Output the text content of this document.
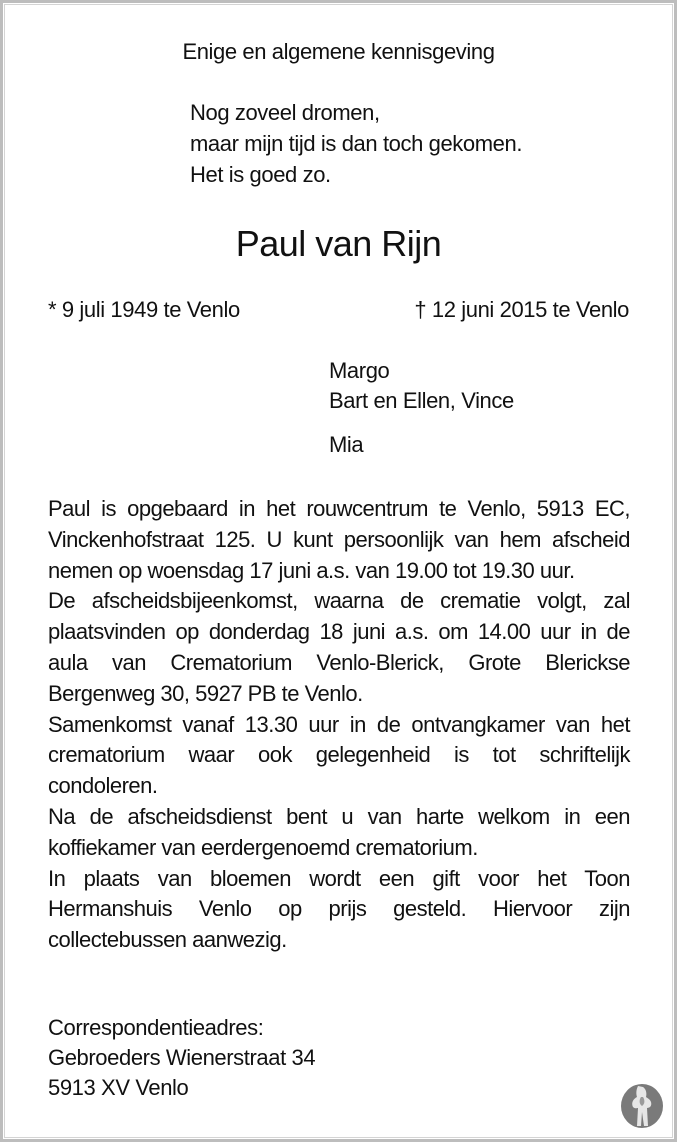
Enige en algemene kennisgeving
Nog zoveel dromen,
maar mijn tijd is dan toch gekomen.
Het is goed zo.
Paul van Rijn
* 9 juli 1949 te Venlo	† 12 juni 2015 te Venlo
Margo
Bart en Ellen, Vince
Mia

Paul is opgebaard in het rouwcentrum te Venlo, 5913 EC, Vinckenhofstraat 125. U kunt persoonlijk van hem afscheid nemen op woensdag 17 juni a.s. van 19.00 tot 19.30 uur.

De afscheidsbijeenkomst, waarna de crematie volgt, zal plaatsvinden op donderdag 18 juni a.s. om 14.00 uur in de aula van Crematorium Venlo-Blerick, Grote Blerickse Bergenweg 30, 5927 PB te Venlo.

Samenkomst vanaf 13.30 uur in de ontvangkamer van het crematorium waar ook gelegenheid is tot schriftelijk condoleren.

Na de afscheidsdienst bent u van harte welkom in een koffiekamer van eerdergenoemd crematorium.

In plaats van bloemen wordt een gift voor het Toon Hermanshuis Venlo op prijs gesteld. Hiervoor zijn collectebussen aanwezig.

Correspondentieadres:
Gebroeders Wienerstraat 34
5913 XV Venlo
